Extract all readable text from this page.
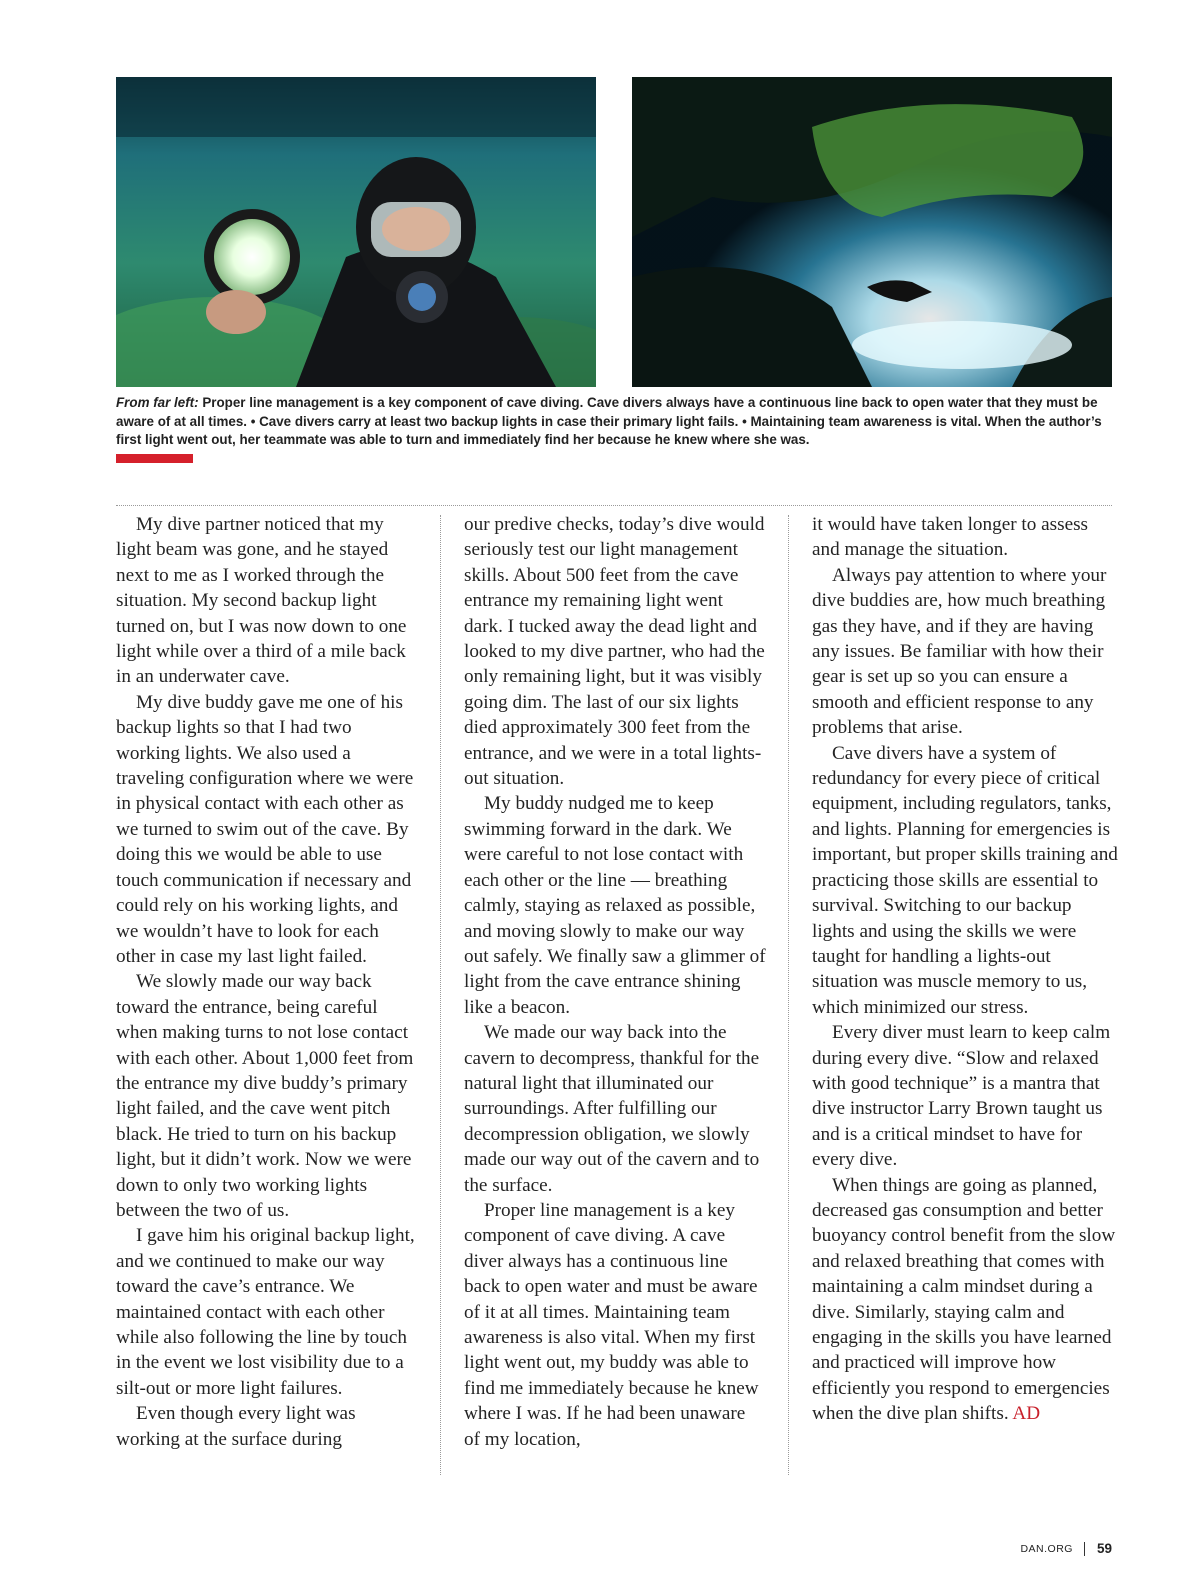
From far left: Proper line management is a key component of cave diving. Cave divers always have a continuous line back to open water that they must be aware of at all times. • Cave divers carry at least two backup lights in case their primary light fails. • Maintaining team awareness is vital. When the author’s first light went out, her teammate was able to turn and immediately find her because he knew where she was.

My dive partner noticed that my light beam was gone, and he stayed next to me as I worked through the situation. My second backup light turned on, but I was now down to one light while over a third of a mile back in an underwater cave.

My dive buddy gave me one of his backup lights so that I had two working lights. We also used a traveling configuration where we were in physical contact with each other as we turned to swim out of the cave. By doing this we would be able to use touch communication if necessary and could rely on his working lights, and we wouldn’t have to look for each other in case my last light failed.

We slowly made our way back toward the entrance, being careful when making turns to not lose contact with each other. About 1,000 feet from the entrance my dive buddy’s primary light failed, and the cave went pitch black. He tried to turn on his backup light, but it didn’t work. Now we were down to only two working lights between the two of us.

I gave him his original backup light, and we continued to make our way toward the cave’s entrance. We maintained contact with each other while also following the line by touch in the event we lost visibility due to a silt-out or more light failures.

Even though every light was working at the surface during

our predive checks, today’s dive would seriously test our light management skills. About 500 feet from the cave entrance my remaining light went dark. I tucked away the dead light and looked to my dive partner, who had the only remaining light, but it was visibly going dim. The last of our six lights died approximately 300 feet from the entrance, and we were in a total lights-out situation.

My buddy nudged me to keep swimming forward in the dark. We were careful to not lose contact with each other or the line — breathing calmly, staying as relaxed as possible, and moving slowly to make our way out safely. We finally saw a glimmer of light from the cave entrance shining like a beacon.

We made our way back into the cavern to decompress, thankful for the natural light that illuminated our surroundings. After fulfilling our decompression obligation, we slowly made our way out of the cavern and to the surface.

Proper line management is a key component of cave diving. A cave diver always has a continuous line back to open water and must be aware of it at all times. Maintaining team awareness is also vital. When my first light went out, my buddy was able to find me immediately because he knew where I was. If he had been unaware of my location,

it would have taken longer to assess and manage the situation.

Always pay attention to where your dive buddies are, how much breathing gas they have, and if they are having any issues. Be familiar with how their gear is set up so you can ensure a smooth and efficient response to any problems that arise.

Cave divers have a system of redundancy for every piece of critical equipment, including regulators, tanks, and lights. Planning for emergencies is important, but proper skills training and practicing those skills are essential to survival. Switching to our backup lights and using the skills we were taught for handling a lights-out situation was muscle memory to us, which minimized our stress.

Every diver must learn to keep calm during every dive. “Slow and relaxed with good technique” is a mantra that dive instructor Larry Brown taught us and is a critical mindset to have for every dive.

When things are going as planned, decreased gas consumption and better buoyancy control benefit from the slow and relaxed breathing that comes with maintaining a calm mindset during a dive. Similarly, staying calm and engaging in the skills you have learned and practiced will improve how efficiently you respond to emergencies when the dive plan shifts. AD

DAN.ORG 59
